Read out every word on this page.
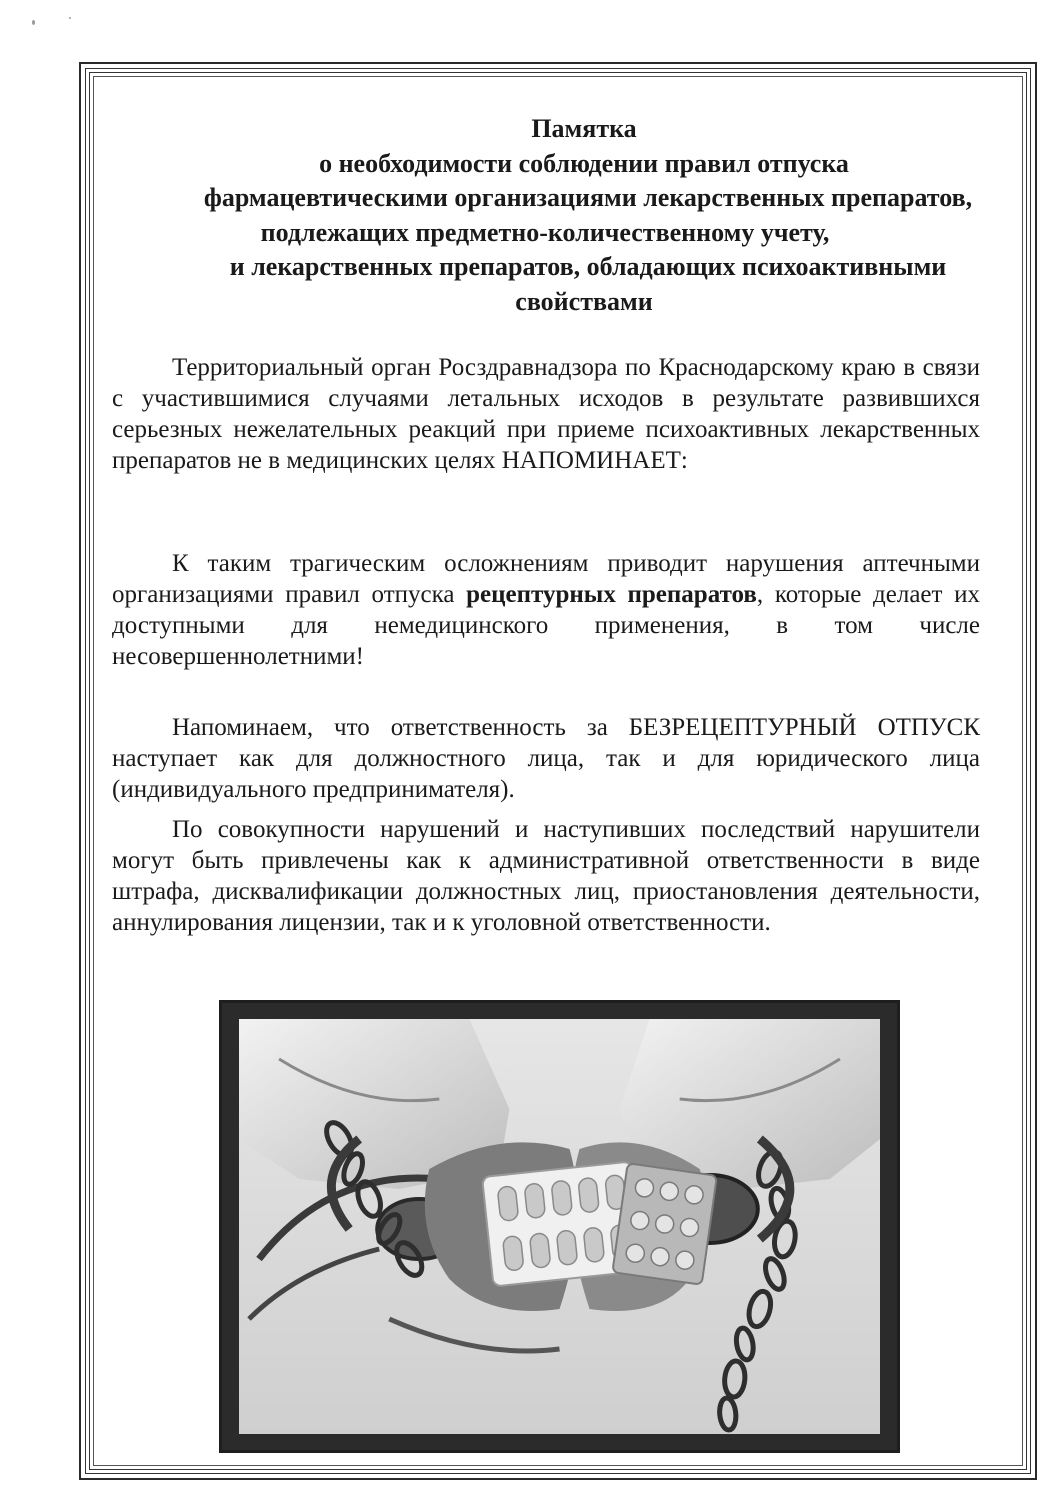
Памятка
о необходимости соблюдении правил отпуска
фармацевтическими организациями лекарственных препаратов,
подлежащих предметно-количественному учету,
и лекарственных препаратов, обладающих психоактивными
свойствами
Территориальный орган Росздравнадзора по Краснодарскому краю в связи с участившимися случаями летальных исходов в результате развившихся серьезных нежелательных реакций при приеме психоактивных лекарственных препаратов не в медицинских целях НАПОМИНАЕТ:
К таким трагическим осложнениям приводит нарушения аптечными организациями правил отпуска рецептурных препаратов, которые делает их доступными для немедицинского применения, в том числе несовершеннолетними!
Напоминаем, что ответственность за БЕЗРЕЦЕПТУРНЫЙ ОТПУСК наступает как для должностного лица, так и для юридического лица (индивидуального предпринимателя).
По совокупности нарушений и наступивших последствий нарушители могут быть привлечены как к административной ответственности в виде штрафа, дисквалификации должностных лиц, приостановления деятельности, аннулирования лицензии, так и к уголовной ответственности.
